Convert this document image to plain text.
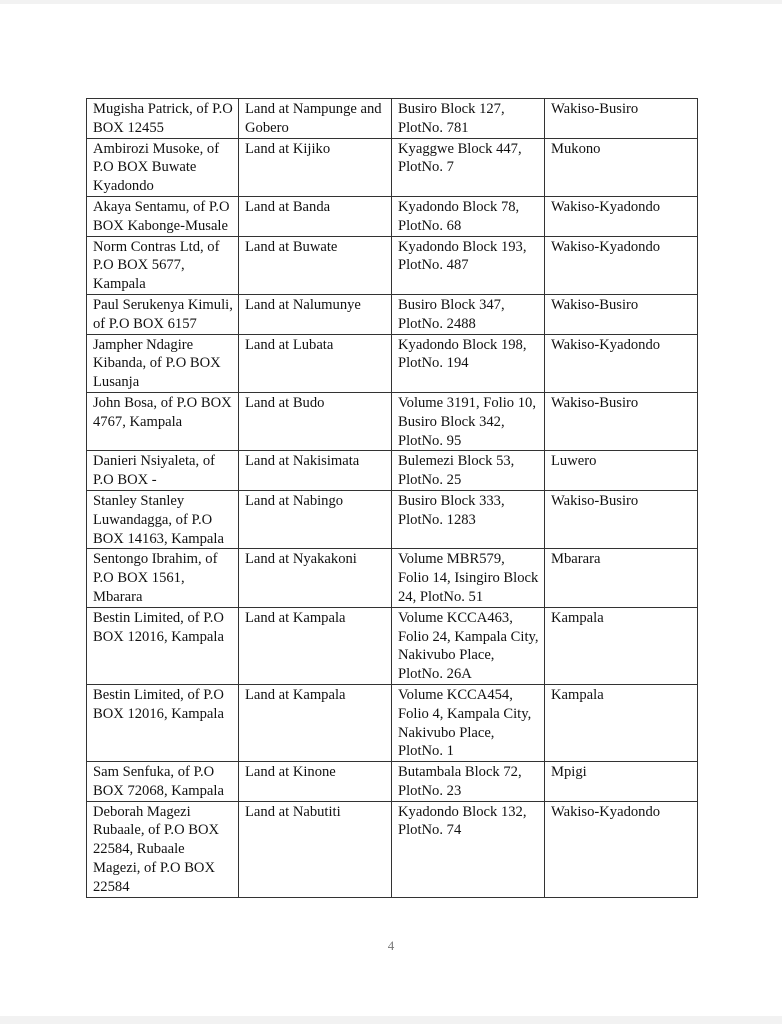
Mugisha Patrick, of P.O BOX 12455	Land at Nampunge and Gobero	Busiro Block 127, PlotNo. 781	Wakiso-Busiro
Ambirozi Musoke, of P.O BOX Buwate Kyadondo	Land at Kijiko	Kyaggwe Block 447, PlotNo. 7	Mukono
Akaya Sentamu, of P.O BOX Kabonge-Musale	Land at Banda	Kyadondo Block 78, PlotNo. 68	Wakiso-Kyadondo
Norm Contras Ltd, of P.O BOX 5677, Kampala	Land at Buwate	Kyadondo Block 193, PlotNo. 487	Wakiso-Kyadondo
Paul Serukenya Kimuli, of P.O BOX 6157	Land at Nalumunye	Busiro Block 347, PlotNo. 2488	Wakiso-Busiro
Jampher Ndagire Kibanda, of P.O BOX Lusanja	Land at Lubata	Kyadondo Block 198, PlotNo. 194	Wakiso-Kyadondo
John Bosa, of P.O BOX 4767, Kampala	Land at Budo	Volume 3191, Folio 10, Busiro Block 342, PlotNo. 95	Wakiso-Busiro
Danieri Nsiyaleta, of P.O BOX -	Land at Nakisimata	Bulemezi Block 53, PlotNo. 25	Luwero
Stanley Stanley Luwandagga, of P.O BOX 14163, Kampala	Land at Nabingo	Busiro Block 333, PlotNo. 1283	Wakiso-Busiro
Sentongo Ibrahim, of P.O BOX 1561, Mbarara	Land at Nyakakoni	Volume MBR579, Folio 14, Isingiro Block 24, PlotNo. 51	Mbarara
Bestin Limited, of P.O BOX 12016, Kampala	Land at Kampala	Volume KCCA463, Folio 24, Kampala City, Nakivubo Place, PlotNo. 26A	Kampala
Bestin Limited, of P.O BOX 12016, Kampala	Land at Kampala	Volume KCCA454, Folio 4, Kampala City, Nakivubo Place, PlotNo. 1	Kampala
Sam Senfuka, of P.O BOX 72068, Kampala	Land at Kinone	Butambala Block 72, PlotNo. 23	Mpigi
Deborah Magezi Rubaale, of P.O BOX 22584, Rubaale Magezi, of P.O BOX 22584	Land at Nabutiti	Kyadondo Block 132, PlotNo. 74	Wakiso-Kyadondo
4
